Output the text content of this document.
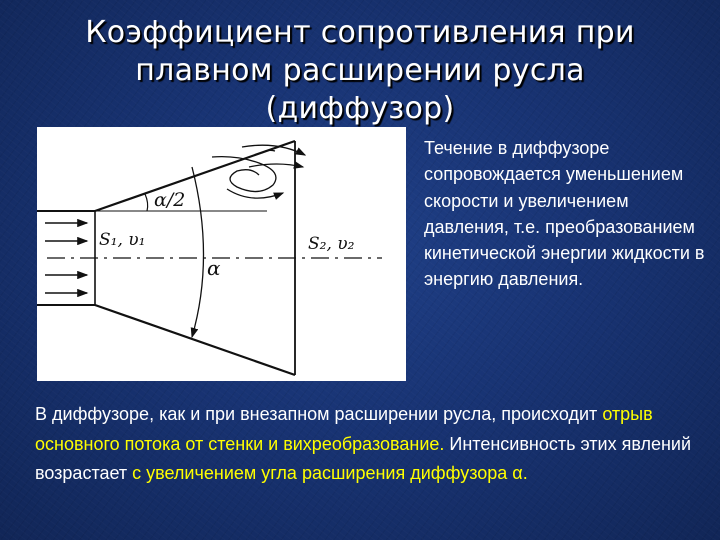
Коэффициент сопротивления при
плавном расширении русла
(диффузор)
α/2
α
S₁, υ₁	S₂, υ₂
Течение в диффузоре сопровождается уменьшением скорости и увеличением давления, т.е. преобразованием кинетической энергии жидкости в энергию давления.
В диффузоре, как и при внезапном расширении русла, происходит отрыв основного потока от стенки и вихреобразование. Интенсивность этих явлений возрастает с увеличением угла расширения диффузора α.
